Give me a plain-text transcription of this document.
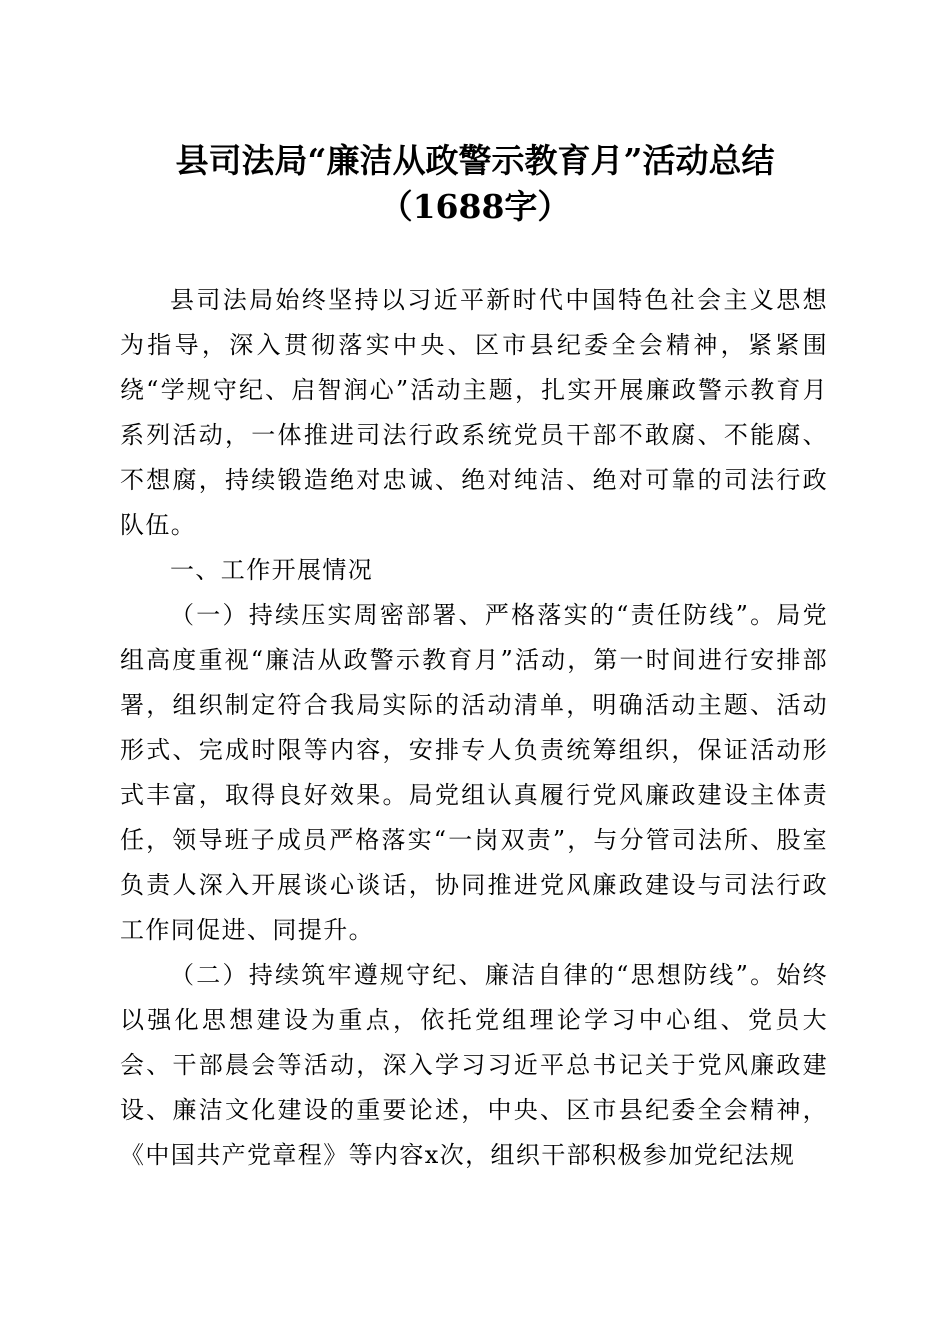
县司法局“廉洁从政警示教育月”活动总结
（1688字）

县司法局始终坚持以习近平新时代中国特色社会主义思想为指导，深入贯彻落实中央、区市县纪委全会精神，紧紧围绕“学规守纪、启智润心”活动主题，扎实开展廉政警示教育月系列活动，一体推进司法行政系统党员干部不敢腐、不能腐、不想腐，持续锻造绝对忠诚、绝对纯洁、绝对可靠的司法行政队伍。

一、工作开展情况

（一）持续压实周密部署、严格落实的“责任防线”。局党组高度重视“廉洁从政警示教育月”活动，第一时间进行安排部署，组织制定符合我局实际的活动清单，明确活动主题、活动形式、完成时限等内容，安排专人负责统筹组织，保证活动形式丰富，取得良好效果。局党组认真履行党风廉政建设主体责任，领导班子成员严格落实“一岗双责”，与分管司法所、股室负责人深入开展谈心谈话，协同推进党风廉政建设与司法行政工作同促进、同提升。

（二）持续筑牢遵规守纪、廉洁自律的“思想防线”。始终以强化思想建设为重点，依托党组理论学习中心组、党员大会、干部晨会等活动，深入学习习近平总书记关于党风廉政建设、廉洁文化建设的重要论述，中央、区市县纪委全会精神，《中国共产党章程》等内容x次，组织干部积极参加党纪法规
